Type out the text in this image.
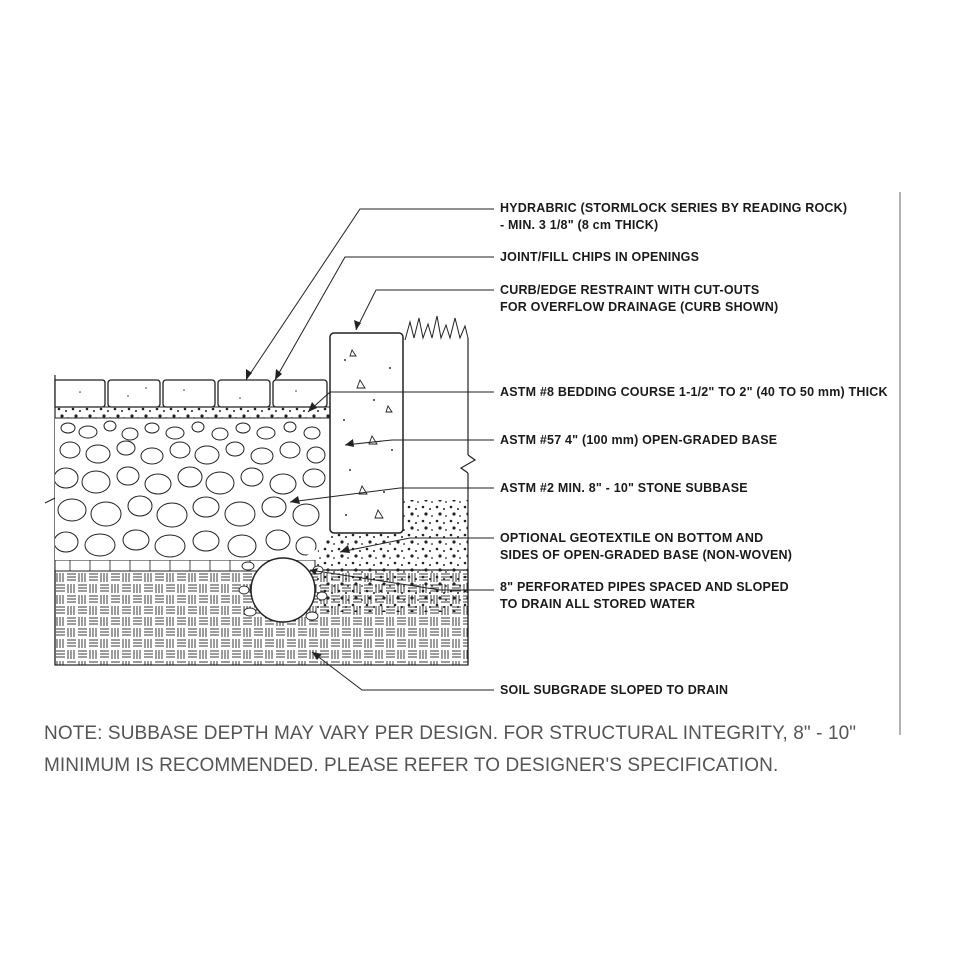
HYDRABRIC (STORMLOCK SERIES BY READING ROCK)
- MIN. 3 1/8" (8 cm THICK)
JOINT/FILL CHIPS IN OPENINGS
CURB/EDGE RESTRAINT WITH CUT-OUTS
FOR OVERFLOW DRAINAGE (CURB SHOWN)
ASTM #8 BEDDING COURSE 1-1/2" TO 2" (40 TO 50 mm) THICK
ASTM #57 4" (100 mm) OPEN-GRADED BASE
ASTM #2 MIN. 8" - 10" STONE SUBBASE
OPTIONAL GEOTEXTILE ON BOTTOM AND
SIDES OF OPEN-GRADED BASE (NON-WOVEN)
8" PERFORATED PIPES SPACED AND SLOPED
TO DRAIN ALL STORED WATER
SOIL SUBGRADE SLOPED TO DRAIN
NOTE: SUBBASE DEPTH MAY VARY PER DESIGN. FOR STRUCTURAL INTEGRITY, 8" - 10"
MINIMUM IS RECOMMENDED. PLEASE REFER TO DESIGNER'S SPECIFICATION.
